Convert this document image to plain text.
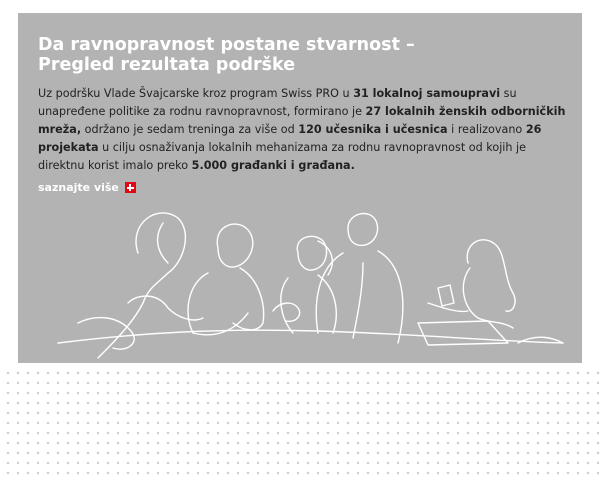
Da ravnopravnost postane stvarnost –
Pregled rezultata podrške

Uz podršku Vlade Švajcarske kroz program Swiss PRO u 31 lokalnoj samoupravi su unapređene politike za rodnu ravnopravnost, formirano je 27 lokalnih ženskih odborničkih mreža, održano je sedam treninga za više od 120 učesnika i učesnica i realizovano 26 projekata u cilju osnaživanja lokalnih mehanizama za rodnu ravnopravnost od kojih je direktnu korist imalo preko 5.000 građanki i građana.

saznajte više
